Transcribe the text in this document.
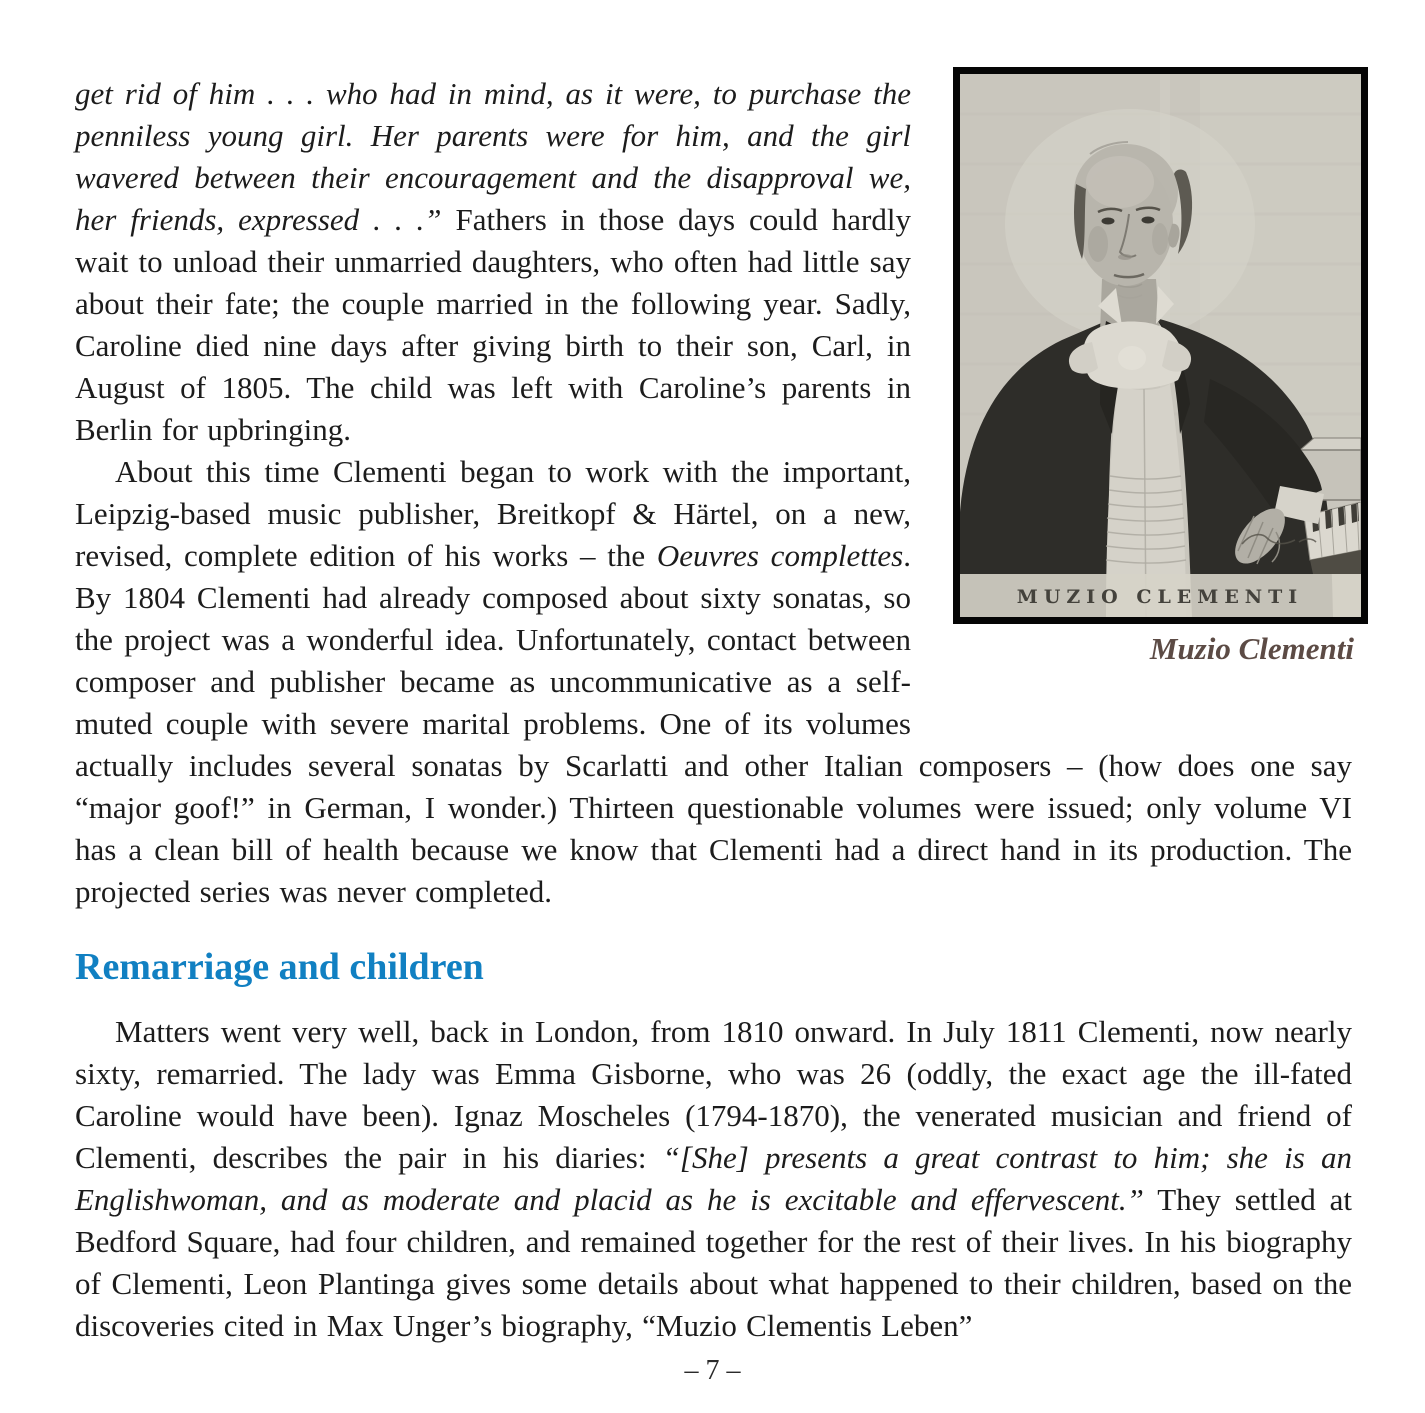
MUZIO CLEMENTI
Muzio Clementi

get rid of him . . . who had in mind, as it were, to purchase the penniless young girl. Her parents were for him, and the girl wavered between their encouragement and the disapproval we, her friends, expressed . . .” Fathers in those days could hardly wait to unload their unmarried daughters, who often had little say about their fate; the couple married in the following year. Sadly, Caroline died nine days after giving birth to their son, Carl, in August of 1805. The child was left with Caroline’s parents in Berlin for upbringing.

About this time Clementi began to work with the important, Leipzig-based music publisher, Breitkopf & Härtel, on a new, revised, complete edition of his works – the Oeuvres complettes. By 1804 Clementi had already composed about sixty sonatas, so the project was a wonderful idea. Unfortunately, contact between composer and publisher became as uncommunicative as a self-muted couple with severe marital problems. One of its volumes actually includes several sonatas by Scarlatti and other Italian composers – (how does one say “major goof!” in German, I wonder.) Thirteen questionable volumes were issued; only volume VI has a clean bill of health because we know that Clementi had a direct hand in its production. The projected series was never completed.

Remarriage and children

Matters went very well, back in London, from 1810 onward. In July 1811 Clementi, now nearly sixty, remarried. The lady was Emma Gisborne, who was 26 (oddly, the exact age the ill-fated Caroline would have been). Ignaz Moscheles (1794-1870), the venerated musician and friend of Clementi, describes the pair in his diaries: “[She] presents a great contrast to him; she is an Englishwoman, and as moderate and placid as he is excitable and effervescent.” They settled at Bedford Square, had four children, and remained together for the rest of their lives. In his biography of Clementi, Leon Plantinga gives some details about what happened to their children, based on the discoveries cited in Max Unger’s biography, “Muzio Clementis Leben”

– 7 –
